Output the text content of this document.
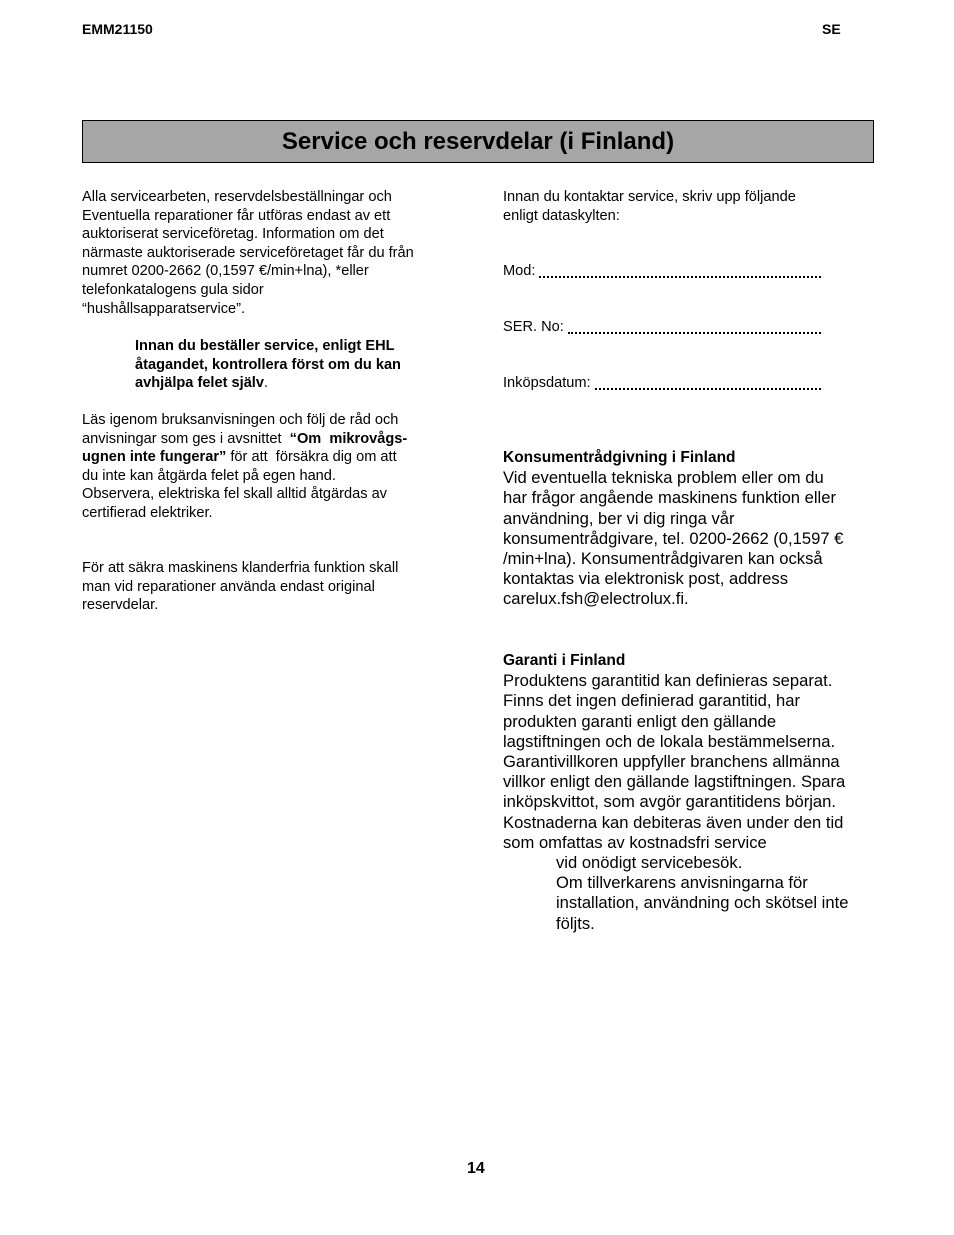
EMM21150	SE
Service och reservdelar (i Finland)
Alla servicearbeten, reservdelsbeställningar och
Eventuella reparationer får utföras endast av ett
auktoriserat serviceföretag. Information om det
närmaste auktoriserade serviceföretaget får du från
numret 0200-2662 (0,1597 €/min+lna), *eller
telefonkatalogens gula sidor
“hushållsapparatservice”.
Innan du beställer service, enligt EHL
åtagandet, kontrollera först om du kan
avhjälpa felet själv.
Läs igenom bruksanvisningen och följ de råd och
anvisningar som ges i avsnittet  “Om  mikrovågs-
ugnen inte fungerar” för att  försäkra dig om att
du inte kan åtgärda felet på egen hand.
Observera, elektriska fel skall alltid åtgärdas av
certifierad elektriker.
För att säkra maskinens klanderfria funktion skall
man vid reparationer använda endast original
reservdelar.
Innan du kontaktar service, skriv upp följande
enligt dataskylten:
Mod:
SER. No:
Inköpsdatum:
Konsumentrådgivning i Finland
Vid eventuella tekniska problem eller om du
har frågor angående maskinens funktion eller
användning, ber vi dig ringa vår
konsumentrådgivare, tel. 0200-2662 (0,1597 €
/min+lna). Konsumentrådgivaren kan också
kontaktas via elektronisk post, address
carelux.fsh@electrolux.fi.
Garanti i Finland
Produktens garantitid kan definieras separat.
Finns det ingen definierad garantitid, har
produkten garanti enligt den gällande
lagstiftningen och de lokala bestämmelserna.
Garantivillkoren uppfyller branchens allmänna
villkor enligt den gällande lagstiftningen. Spara
inköpskvittot, som avgör garantitidens början.
Kostnaderna kan debiteras även under den tid
som omfattas av kostnadsfri service
vid onödigt servicebesök.
Om tillverkarens anvisningarna för
installation, användning och skötsel inte
följts.
14
